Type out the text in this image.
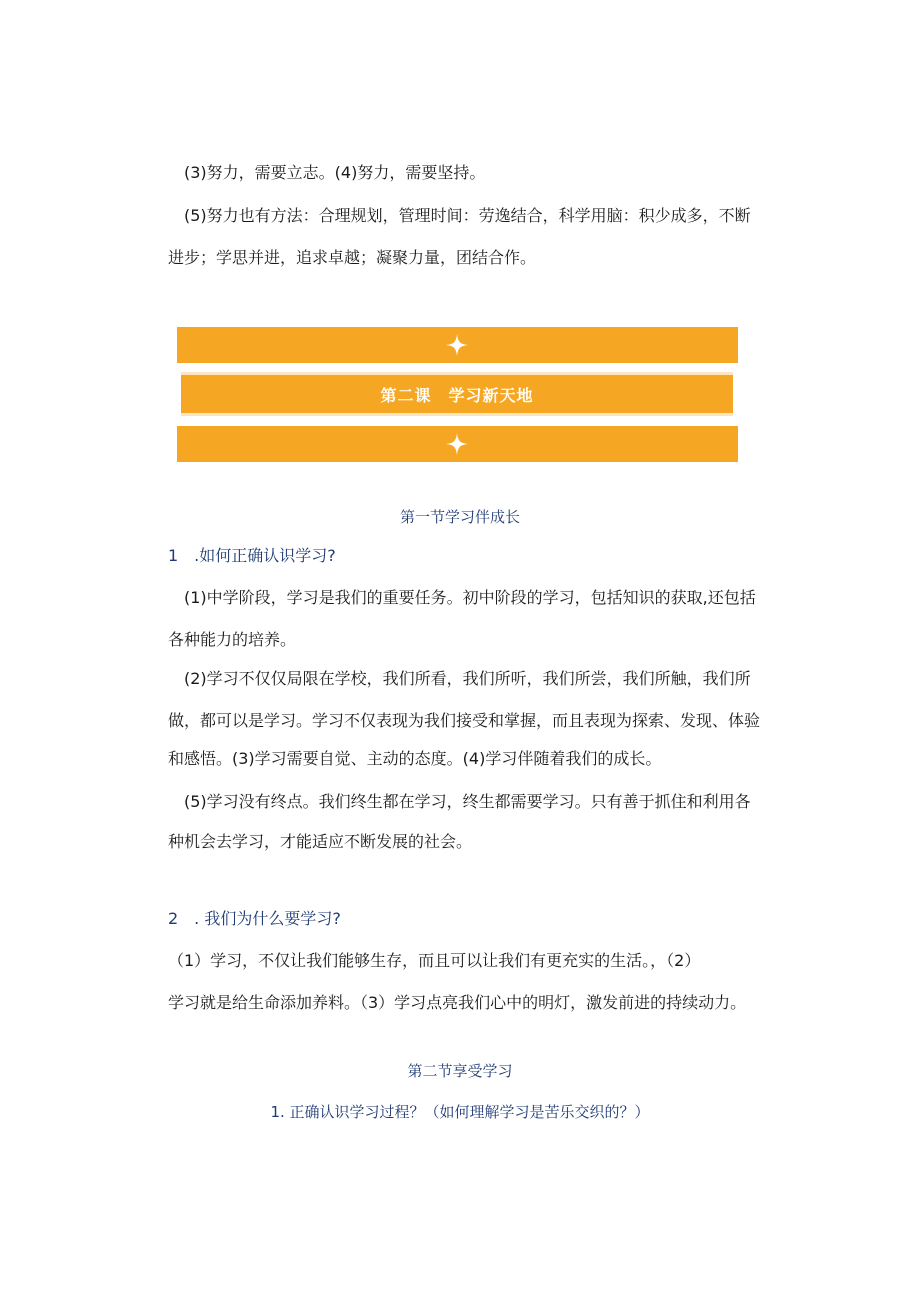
(3)努力，需要立志。(4)努力，需要坚持。
(5)努力也有方法：合理规划，管理时间：劳逸结合，科学用脑：积少成多，不断
进步；学思并进，追求卓越；凝聚力量，团结合作。
第二课　学习新天地
第一节学习伴成长
1　.如何正确认识学习?
(1)中学阶段，学习是我们的重要任务。初中阶段的学习，包括知识的获取,还包括
各种能力的培养。
(2)学习不仅仅局限在学校，我们所看，我们所听，我们所尝，我们所触，我们所
做，都可以是学习。学习不仅表现为我们接受和掌握，而且表现为探索、发现、体验
和感悟。(3)学习需要自觉、主动的态度。(4)学习伴随着我们的成长。
(5)学习没有终点。我们终生都在学习，终生都需要学习。只有善于抓住和利用各
种机会去学习，才能适应不断发展的社会。
2　. 我们为什么要学习?
（1）学习，不仅让我们能够生存，而且可以让我们有更充实的生活。，（2）
学习就是给生命添加养料。（3）学习点亮我们心中的明灯，激发前进的持续动力。
第二节享受学习
1. 正确认识学习过程？（如何理解学习是苦乐交织的？）
